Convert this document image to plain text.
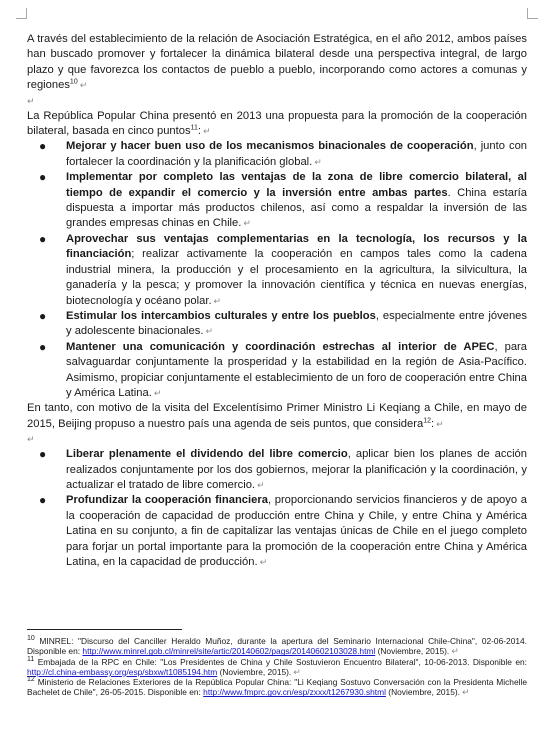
A través del establecimiento de la relación de Asociación Estratégica, en el año 2012, ambos países han buscado promover y fortalecer la dinámica bilateral desde una perspectiva integral, de largo plazo y que favorezca los contactos de pueblo a pueblo, incorporando como actores a comunas y regiones$^{10}$ ↵

↵

La República Popular China presentó en 2013 una propuesta para la promoción de la cooperación bilateral, basada en cinco puntos$^{11}$: ↵

● Mejorar y hacer buen uso de los mecanismos binacionales de cooperación, junto con fortalecer la coordinación y la planificación global. ↵
● Implementar por completo las ventajas de la zona de libre comercio bilateral, al tiempo de expandir el comercio y la inversión entre ambas partes. China estaría dispuesta a importar más productos chilenos, así como a respaldar la inversión de las grandes empresas chinas en Chile. ↵
● Aprovechar sus ventajas complementarias en la tecnología, los recursos y la financiación; realizar activamente la cooperación en campos tales como la cadena industrial minera, la producción y el procesamiento en la agricultura, la silvicultura, la ganadería y la pesca; y promover la innovación científica y técnica en nuevas energías, biotecnología y océano polar. ↵
● Estimular los intercambios culturales y entre los pueblos, especialmente entre jóvenes y adolescente binacionales. ↵
● Mantener una comunicación y coordinación estrechas al interior de APEC, para salvaguardar conjuntamente la prosperidad y la estabilidad en la región de Asia-Pacífico. Asimismo, propiciar conjuntamente el establecimiento de un foro de cooperación entre China y América Latina. ↵

En tanto, con motivo de la visita del Excelentísimo Primer Ministro Li Keqiang a Chile, en mayo de 2015, Beijing propuso a nuestro país una agenda de seis puntos, que considera$^{12}$: ↵

↵
● Liberar plenamente el dividendo del libre comercio, aplicar bien los planes de acción realizados conjuntamente por los dos gobiernos, mejorar la planificación y la coordinación, y actualizar el tratado de libre comercio. ↵
● Profundizar la cooperación financiera, proporcionando servicios financieros y de apoyo a la cooperación de capacidad de producción entre China y Chile, y entre China y América Latina en su conjunto, a fin de capitalizar las ventajas únicas de Chile en el juego completo para forjar un portal importante para la promoción de la cooperación entre China y América Latina, en la capacidad de producción. ↵

$^{10}$ MINREL: "Discurso del Canciller Heraldo Muñoz, durante la apertura del Seminario Internacional Chile-China", 02-06-2014. Disponible en: http://www.minrel.gob.cl/minrel/site/artic/20140602/pags/20140602103028.html (Noviembre, 2015). ↵

$^{11}$ Embajada de la RPC en Chile: "Los Presidentes de China y Chile Sostuvieron Encuentro Bilateral", 10-06-2013. Disponible en: http://cl.china-embassy.org/esp/sbxw/t1085194.htm (Noviembre, 2015). ↵

$^{12}$ Ministerio de Relaciones Exteriores de la República Popular China: "Li Keqiang Sostuvo Conversación con la Presidenta Michelle Bachelet de Chile", 26-05-2015. Disponible en: http://www.fmprc.gov.cn/esp/zxxx/t1267930.shtml (Noviembre, 2015). ↵
